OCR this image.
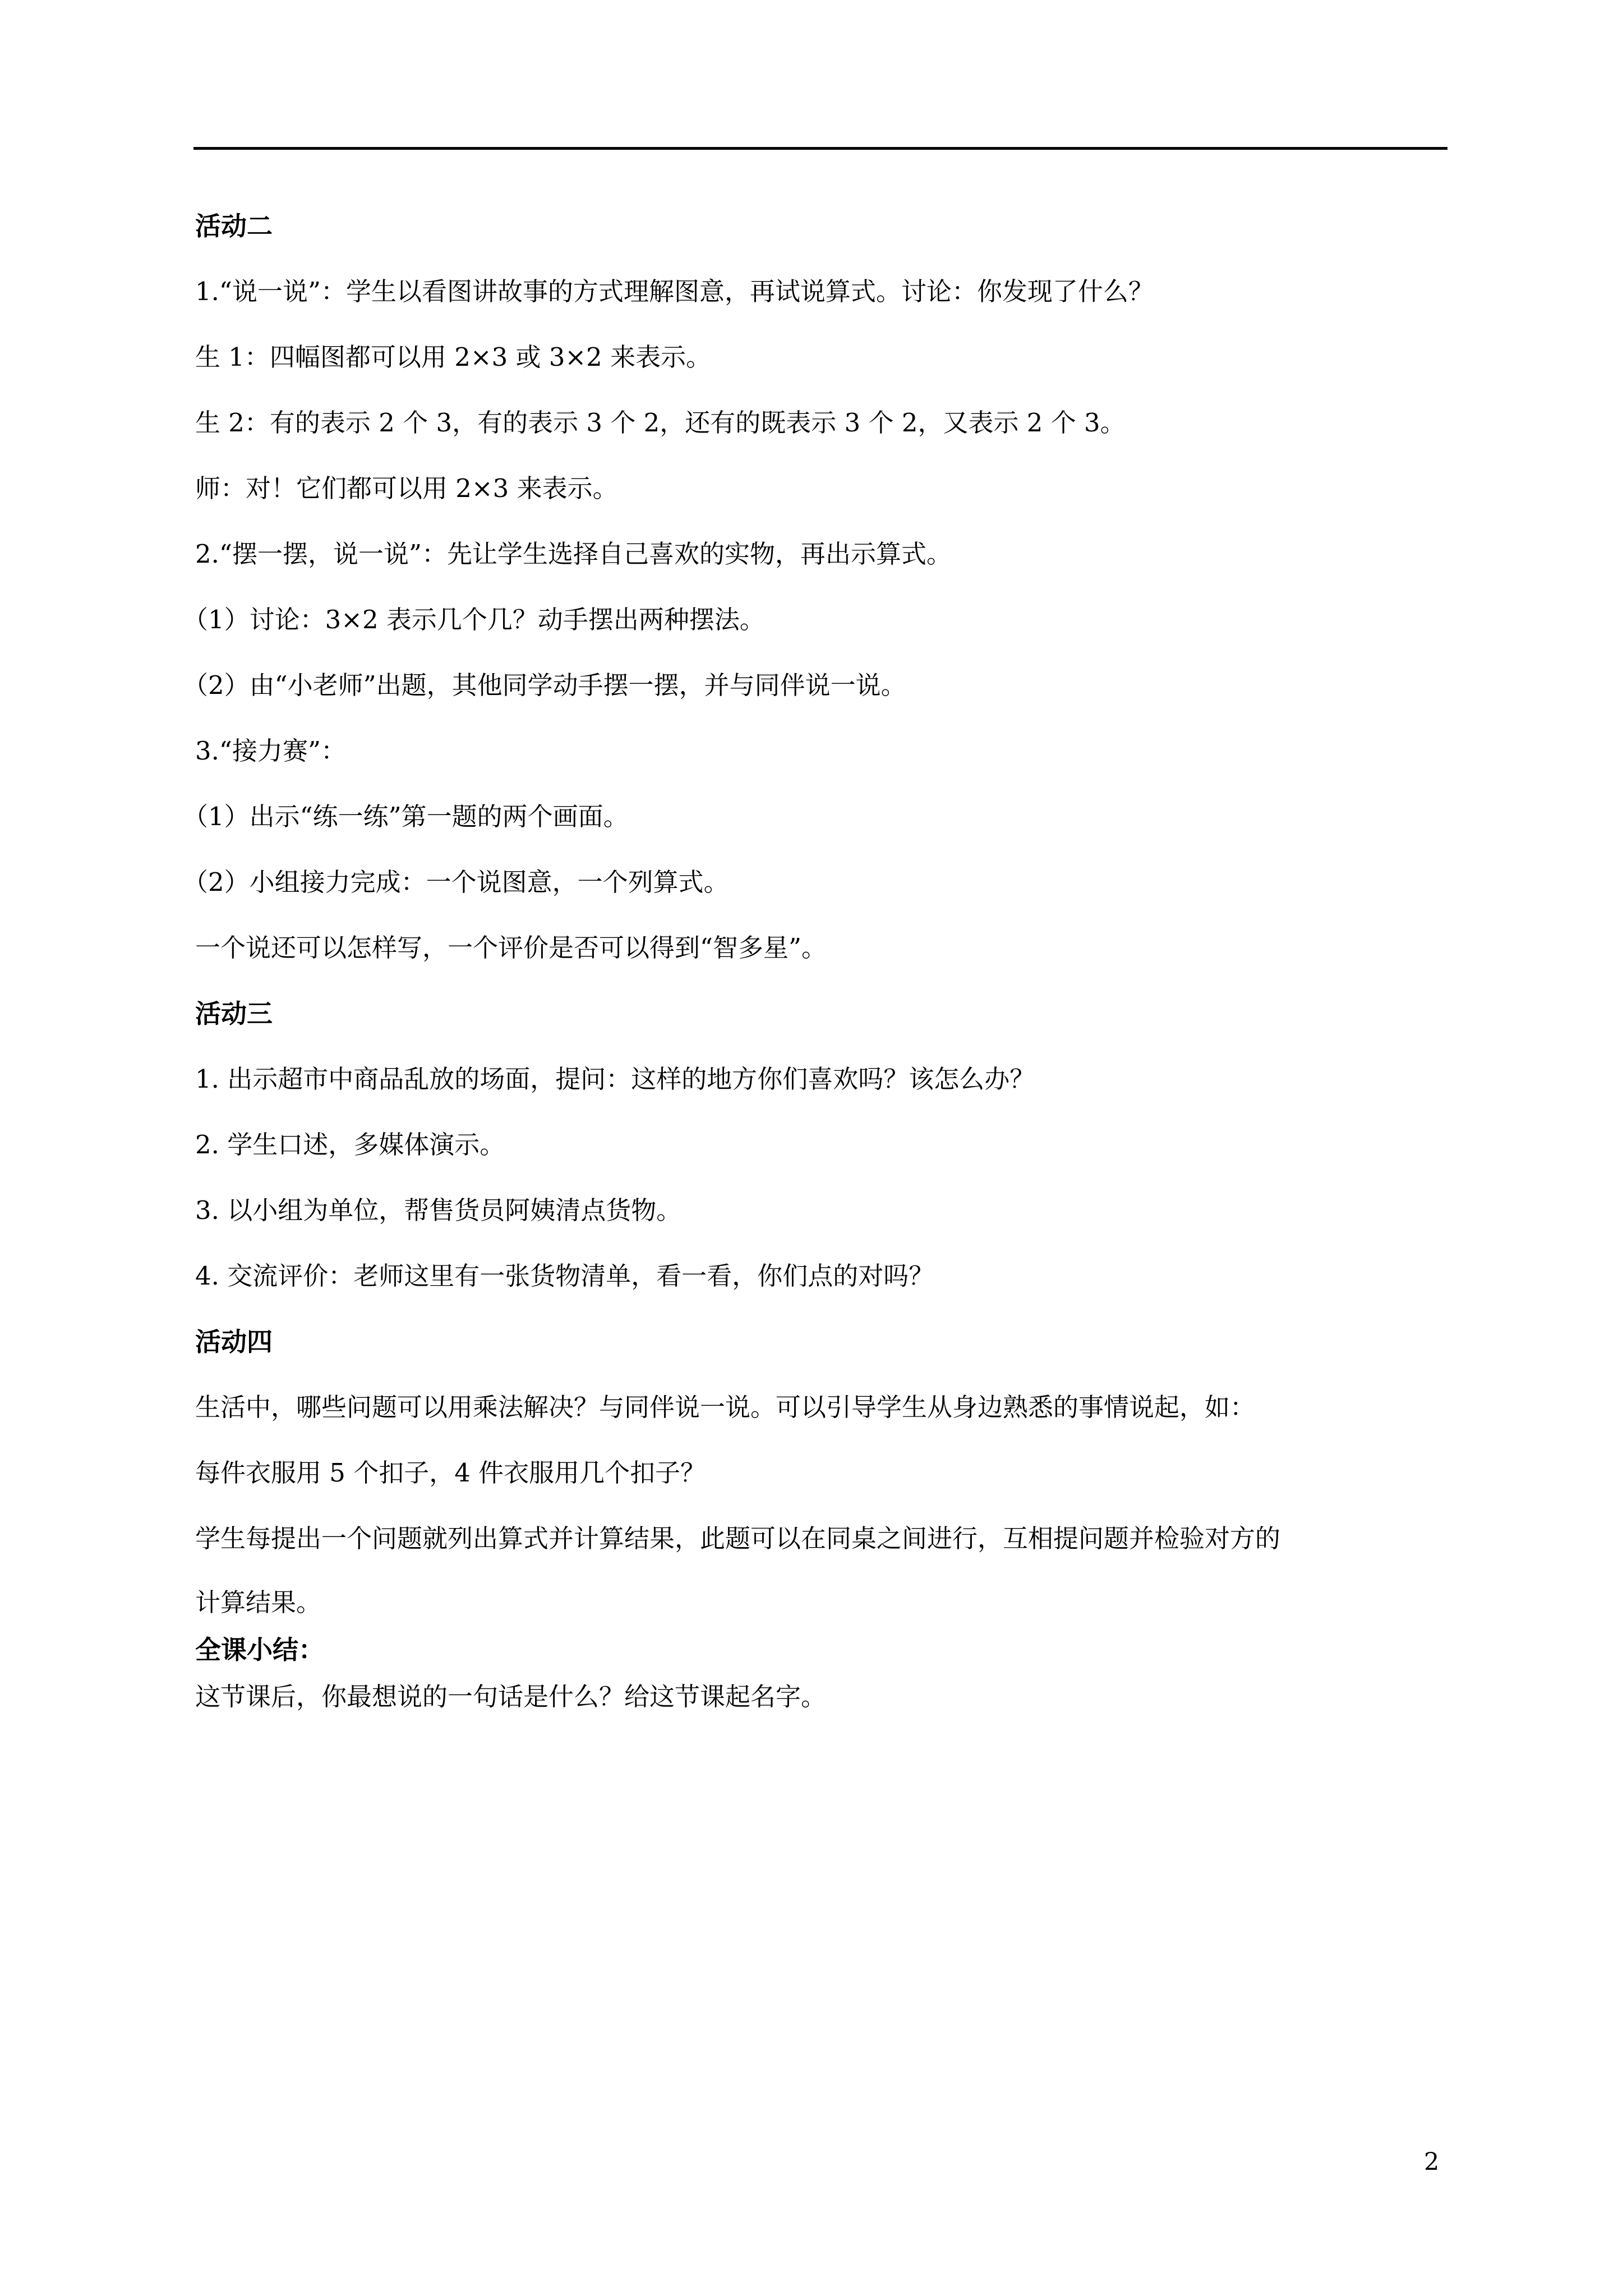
活动二
1.“说一说”：学生以看图讲故事的方式理解图意，再试说算式。讨论：你发现了什么？
生 1：四幅图都可以用 2×3 或 3×2 来表示。
生 2：有的表示 2 个 3，有的表示 3 个 2，还有的既表示 3 个 2，又表示 2 个 3。
师：对！它们都可以用 2×3 来表示。
2.“摆一摆，说一说”：先让学生选择自己喜欢的实物，再出示算式。
（1）讨论：3×2 表示几个几？动手摆出两种摆法。
（2）由“小老师”出题，其他同学动手摆一摆，并与同伴说一说。
3.“接力赛”：
（1）出示“练一练”第一题的两个画面。
（2）小组接力完成：一个说图意，一个列算式。
一个说还可以怎样写，一个评价是否可以得到“智多星”。
活动三
1. 出示超市中商品乱放的场面，提问：这样的地方你们喜欢吗？该怎么办？
2. 学生口述，多媒体演示。
3. 以小组为单位，帮售货员阿姨清点货物。
4. 交流评价：老师这里有一张货物清单，看一看，你们点的对吗？
活动四
生活中，哪些问题可以用乘法解决？与同伴说一说。可以引导学生从身边熟悉的事情说起，如：
每件衣服用 5 个扣子，4 件衣服用几个扣子？
学生每提出一个问题就列出算式并计算结果，此题可以在同桌之间进行，互相提问题并检验对方的
计算结果。
全课小结：
这节课后，你最想说的一句话是什么？给这节课起名字。
2
